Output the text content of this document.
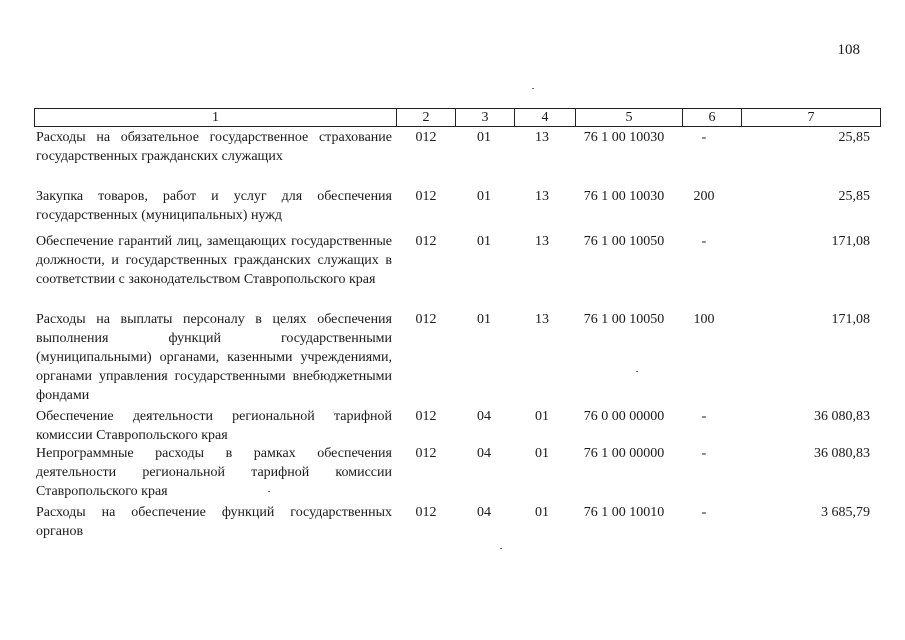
108
1	2	3	4	5	6	7
Расходы на обязательное государственное страхование государственных гражданских служащих
012	01	13	76 1 00 10030	-	25,85
Закупка товаров, работ и услуг для обеспечения государственных (муниципальных) нужд
012	01	13	76 1 00 10030	200	25,85
Обеспечение гарантий лиц, замещающих государственные должности, и государственных гражданских служащих в соответствии с законодательством Ставропольского края
012	01	13	76 1 00 10050	-	171,08
Расходы на выплаты персоналу в целях обеспечения выполнения функций государственными (муниципальными) органами, казенными учреждениями, органами управления государственными внебюджетными фондами
012	01	13	76 1 00 10050	100	171,08
Обеспечение деятельности региональной тарифной комиссии Ставропольского края
012	04	01	76 0 00 00000	-	36 080,83
Непрограммные расходы в рамках обеспечения деятельности региональной тарифной комиссии Ставропольского края
012	04	01	76 1 00 00000	-	36 080,83
Расходы на обеспечение функций государственных органов
012	04	01	76 1 00 10010	-	3 685,79
